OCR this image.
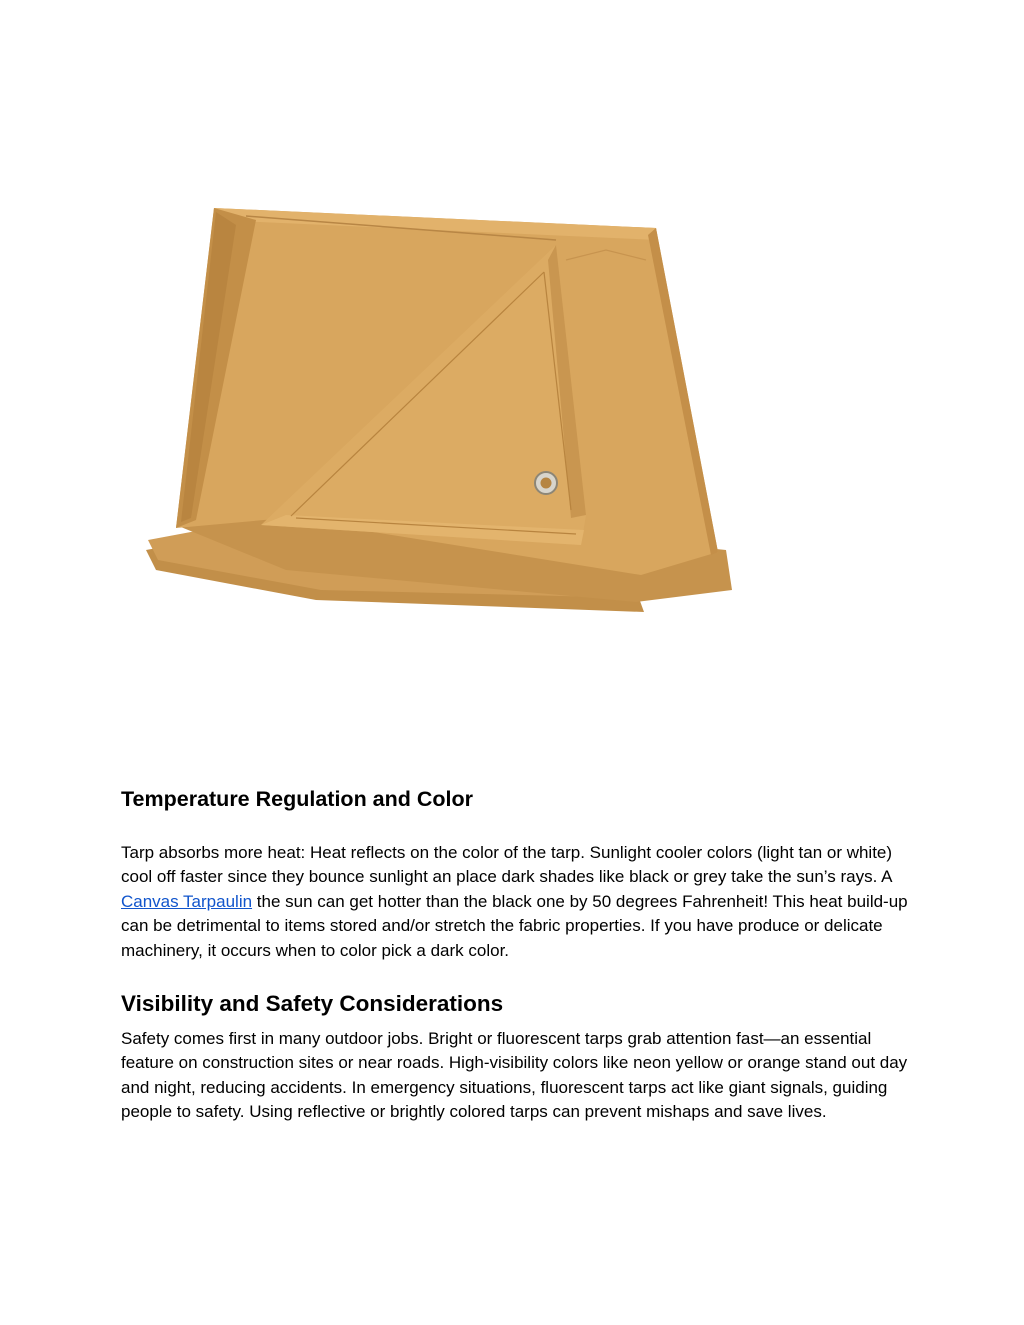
Temperature Regulation and Color

Tarp absorbs more heat: Heat reflects on the color of the tarp. Sunlight cooler colors (light tan or white) cool off faster since they bounce sunlight an place dark shades like black or grey take the sun’s rays. A Canvas Tarpaulin the sun can get hotter than the black one by 50 degrees Fahrenheit! This heat build-up can be detrimental to items stored and/or stretch the fabric properties. If you have produce or delicate machinery, it occurs when to color pick a dark color.

Visibility and Safety Considerations

Safety comes first in many outdoor jobs. Bright or fluorescent tarps grab attention fast—an essential feature on construction sites or near roads. High-visibility colors like neon yellow or orange stand out day and night, reducing accidents. In emergency situations, fluorescent tarps act like giant signals, guiding people to safety. Using reflective or brightly colored tarps can prevent mishaps and save lives.
